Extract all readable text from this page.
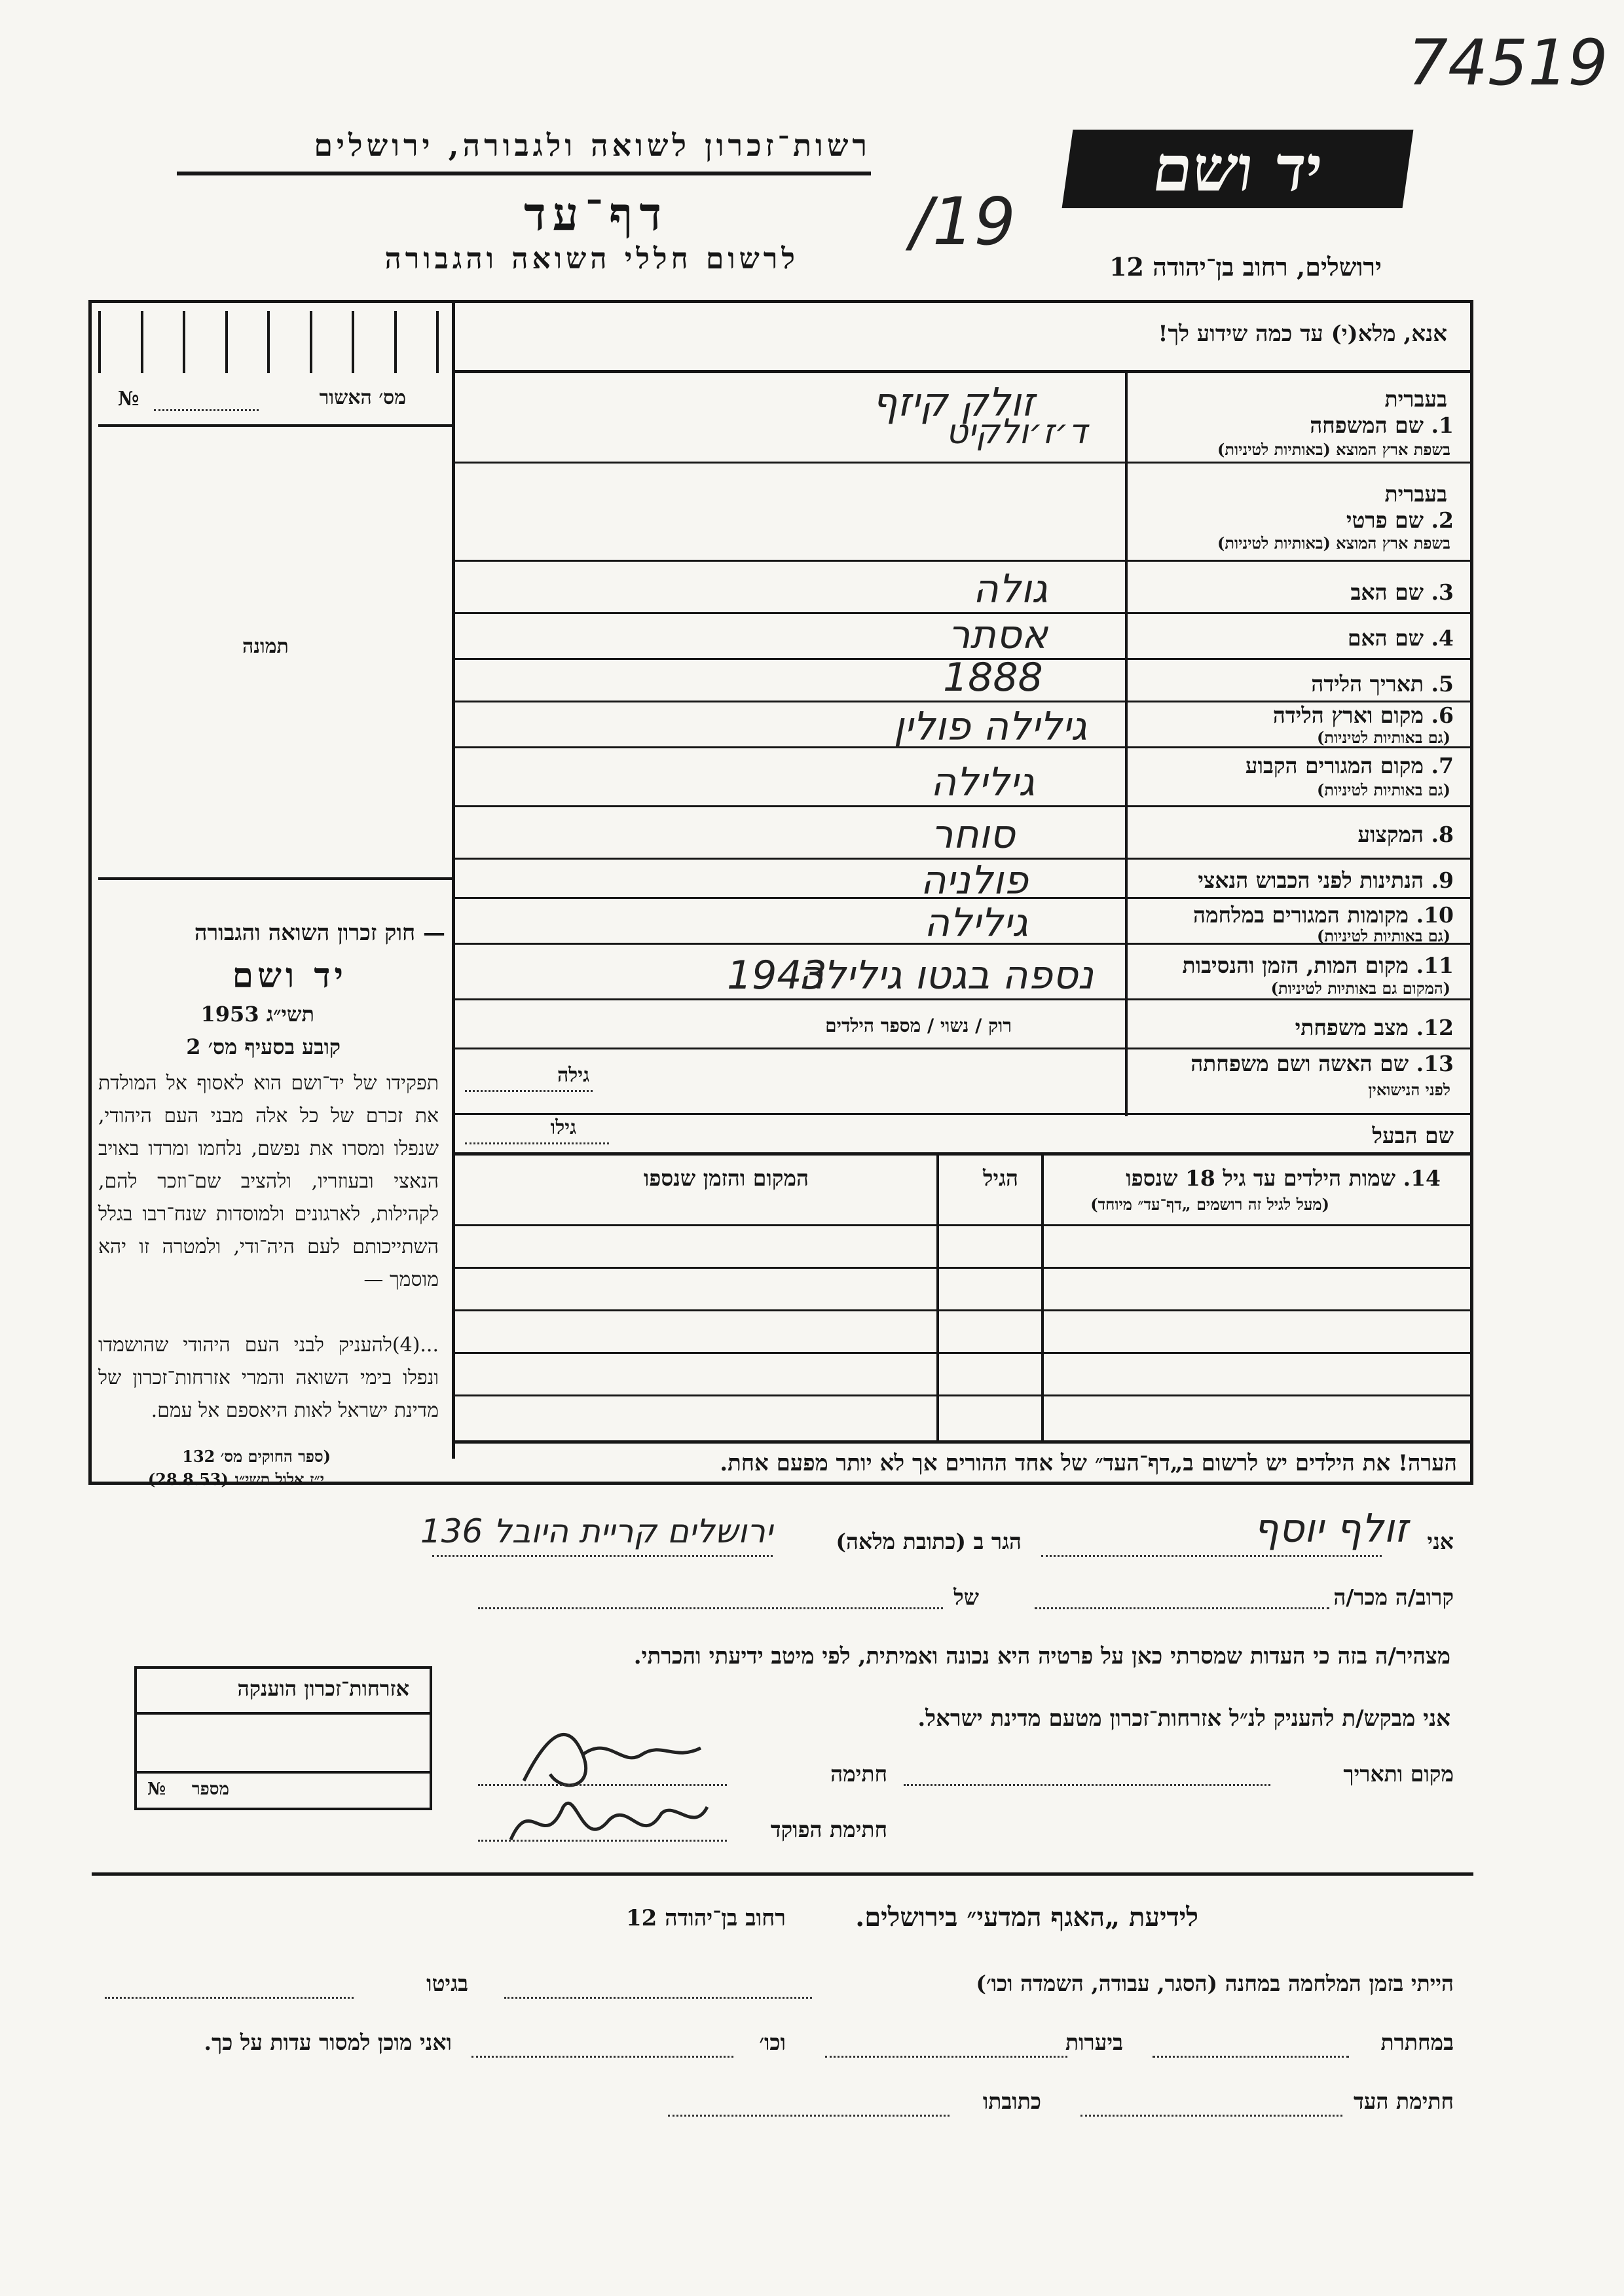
יד ושם
רשות־זכרון לשואה ולגבורה, ירושלים
דף־עד
לרשום חללי השואה והגבורה	ירושלים, רחוב בן־יהודה 12
74519
/19
אנא, מלא(י) עד כמה שידוע לך!
מס׳ האשור
№
תמונה
בעברית
1. שם המשפחה
בשפת ארץ המוצא (באותיות לטיניות)
זולק קיזף
ד׳ז׳ולקיט
בעברית
2. שם פרטי
בשפת ארץ המוצא (באותיות לטיניות)
3. שם האב
גולה
4. שם האם
אסתר
5. תאריך הלידה
1888
6. מקום וארץ הלידה
(גם באותיות לטיניות)
גילילה פולין
7. מקום המגורים הקבוע
(גם באותיות לטיניות)
גילילה
8. המקצוע
סוחר
9. הנתינות לפני הכבוש הנאצי
פולניה
10. מקומות המגורים במלחמה
(גם באותיות לטיניות)
גילילה
11. מקום המות, הזמן והנסיבות
(המקום גם באותיות לטיניות)
נספה בגטו גילילה
1943
12. מצב משפחתי
רוק / נשוי / מספר הילדים
13. שם האשה ושם משפחתה
לפני הנישואין
גילה
שם הבעל
גילו
14. שמות הילדים עד גיל 18 שנספו
(מעל לגיל זה רושמים „דף־עד״ מיוחד)
הגיל
המקום והזמן שנספו
הערה! את הילדים יש לרשום ב„דף־העד״ של אחד ההורים אך לא יותר מפעם אחת.
— חוק זכרון השואה והגבורה
יד ושם
תשי״ג 1953
קובע בסעיף מס׳ 2
תפקידו של יד־ושם הוא לאסוף אל המולדת את זכרם של כל אלה מבני העם היהודי, שנפלו ומסרו את נפשם, נלחמו ומרדו באויב הנאצי ובעוזריו, ולהציב שם־וזכר להם, לקהילות, לארגונים ולמוסדות שנח־רבו בגלל השתייכותם לעם היה־ודי, ולמטרה זו יהא מוסמך —
...(4)להעניק לבני העם היהודי שהושמדו ונפלו בימי השואה והמרי אזרחות־זכרון של מדינת ישראל לאות היאספם אל עמם.
(ספר החוקים מס׳ 132
י״ז אלול תשי״ג (28.8.53)
אני
זולף יוסף
הגר ב (כתובת מלאה)
ירושלים קריית היובל 136
קרוב/ה מכר/ה
של
מצהיר/ה בזה כי העדות שמסרתי כאן על פרטיה היא נכונה ואמיתית, לפי מיטב ידיעתי והכרתי.
אני מבקש/ת להעניק לנ״ל אזרחות־זכרון מטעם מדינת ישראל.
מקום ותאריך
חתימה
חתימת הפוקד
אזרחות־זכרון הוענקה
מספר
№
לידיעת „האגף המדעי״ בירושלים.
רחוב בן־יהודה 12
הייתי בזמן המלחמה במחנה (הסגר, עבודה, השמדה וכו׳)
בגיטו
במחתרת
ביערות
וכו׳
ואני מוכן למסור עדות על כך.
חתימת העד
כתובתו
